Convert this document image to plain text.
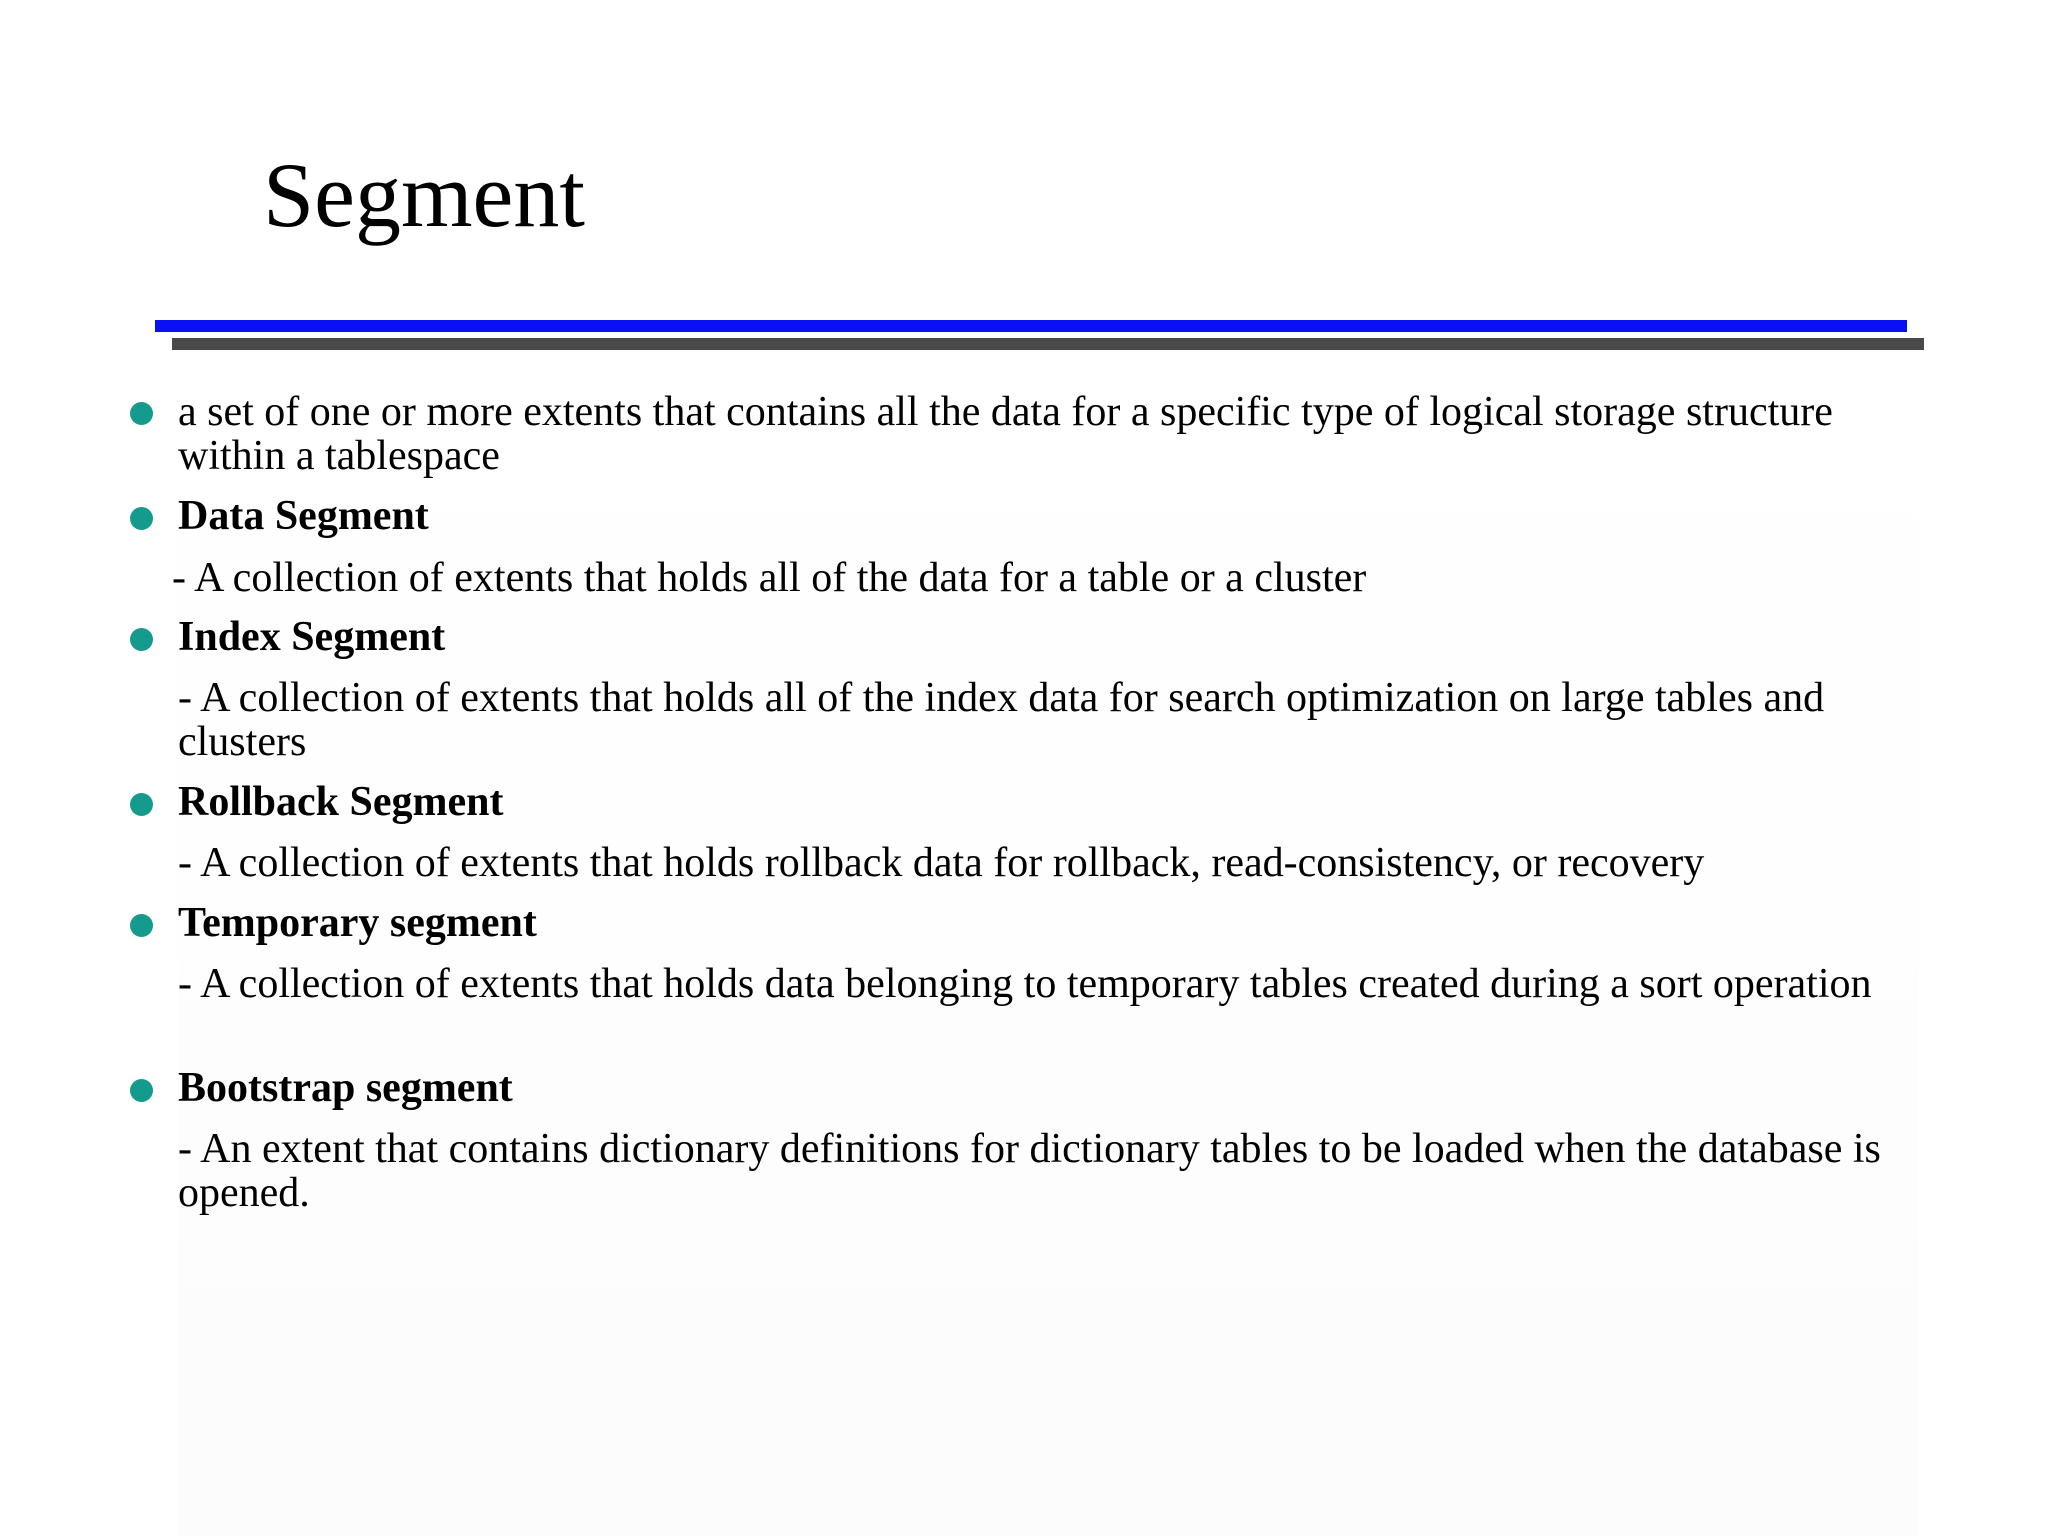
Segment
a set of one or more extents that contains all the data for a specific type of logical storage structure within a tablespace
Data Segment
- A collection of extents that holds all of the data for a table or a cluster
Index Segment
- A collection of extents that holds all of the index data for search optimization on large tables and clusters
Rollback Segment
- A collection of extents that holds rollback data for rollback, read-consistency, or recovery
Temporary segment
- A collection of extents that holds data belonging to temporary tables created during a sort operation
Bootstrap segment
- An extent that contains dictionary definitions for dictionary tables to be loaded when the database is opened.
